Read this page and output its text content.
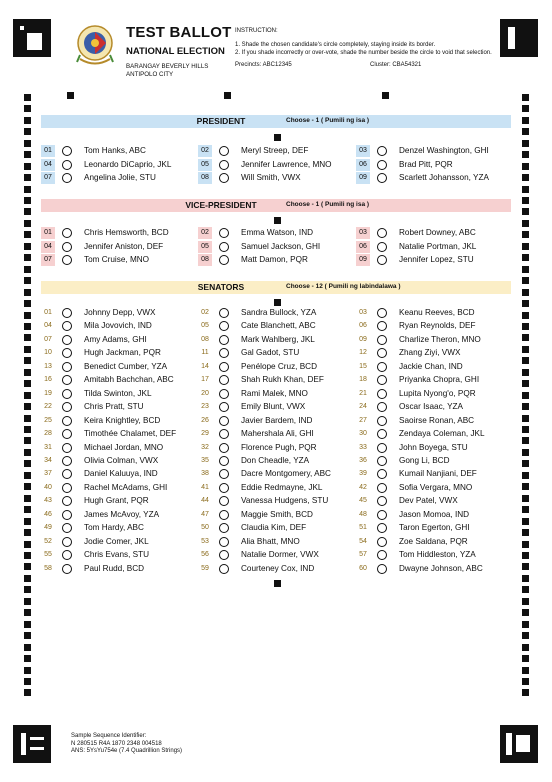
TEST BALLOT
NATIONAL ELECTION
BARANGAY BEVERLY HILLS ANTIPOLO CITY
INSTRUCTION:
1. Shade the chosen candidate's circle completely, staying inside its border.
2. If you shade incorrectly or over-vote, shade the number beside the circle to void that selection.
Precincts: ABC12345	Cluster: CBA54321
PRESIDENT	Choose - 1 ( Pumili ng isa )
VICE-PRESIDENT	Choose - 1 ( Pumili ng isa )
SENATORS	Choose - 12 ( Pumili ng labindalawa )
01	Tom Hanks, ABC	02	Meryl Streep, DEF	03	Denzel Washington, GHI
04	Leonardo DiCaprio, JKL	05	Jennifer Lawrence, MNO	06	Brad Pitt, PQR
07	Angelina Jolie, STU	08	Will Smith, VWX	09	Scarlett Johansson, YZA
01	Chris Hemsworth, BCD	02	Emma Watson, IND	03	Robert Downey, ABC
04	Jennifer Aniston, DEF	05	Samuel Jackson, GHI	06	Natalie Portman, JKL
07	Tom Cruise, MNO	08	Matt Damon, PQR	09	Jennifer Lopez, STU
01	Johnny Depp, VWX	02	Sandra Bullock, YZA	03	Keanu Reeves, BCD
04	Mila Jovovich, IND	05	Cate Blanchett, ABC	06	Ryan Reynolds, DEF
07	Amy Adams, GHI	08	Mark Wahlberg, JKL	09	Charlize Theron, MNO
10	Hugh Jackman, PQR	11	Gal Gadot, STU	12	Zhang Ziyi, VWX
13	Benedict Cumber, YZA	14	Penélope Cruz, BCD	15	Jackie Chan, IND
16	Amitabh Bachchan, ABC	17	Shah Rukh Khan, DEF	18	Priyanka Chopra, GHI
19	Tilda Swinton, JKL	20	Rami Malek, MNO	21	Lupita Nyong'o, PQR
22	Chris Pratt, STU	23	Emily Blunt, VWX	24	Oscar Isaac, YZA
25	Keira Knightley, BCD	26	Javier Bardem, IND	27	Saoirse Ronan, ABC
28	Timothée Chalamet, DEF	29	Mahershala Ali, GHI	30	Zendaya Coleman, JKL
31	Michael Jordan, MNO	32	Florence Pugh, PQR	33	John Boyega, STU
34	Olivia Colman, VWX	35	Don Cheadle, YZA	36	Gong Li, BCD
37	Daniel Kaluuya, IND	38	Dacre Montgomery, ABC	39	Kumail Nanjiani, DEF
40	Rachel McAdams, GHI	41	Eddie Redmayne, JKL	42	Sofia Vergara, MNO
43	Hugh Grant, PQR	44	Vanessa Hudgens, STU	45	Dev Patel, VWX
46	James McAvoy, YZA	47	Maggie Smith, BCD	48	Jason Momoa, IND
49	Tom Hardy, ABC	50	Claudia Kim, DEF	51	Taron Egerton, GHI
52	Jodie Comer, JKL	53	Alia Bhatt, MNO	54	Zoe Saldana, PQR
55	Chris Evans, STU	56	Natalie Dormer, VWX	57	Tom Hiddleston, YZA
58	Paul Rudd, BCD	59	Courteney Cox, IND	60	Dwayne Johnson, ABC
Sample Sequence Identifier:
N 280515 R4A 1870 2348 004518
ANS: 5YsYu754e (7.4 Quadrillion Strings)
